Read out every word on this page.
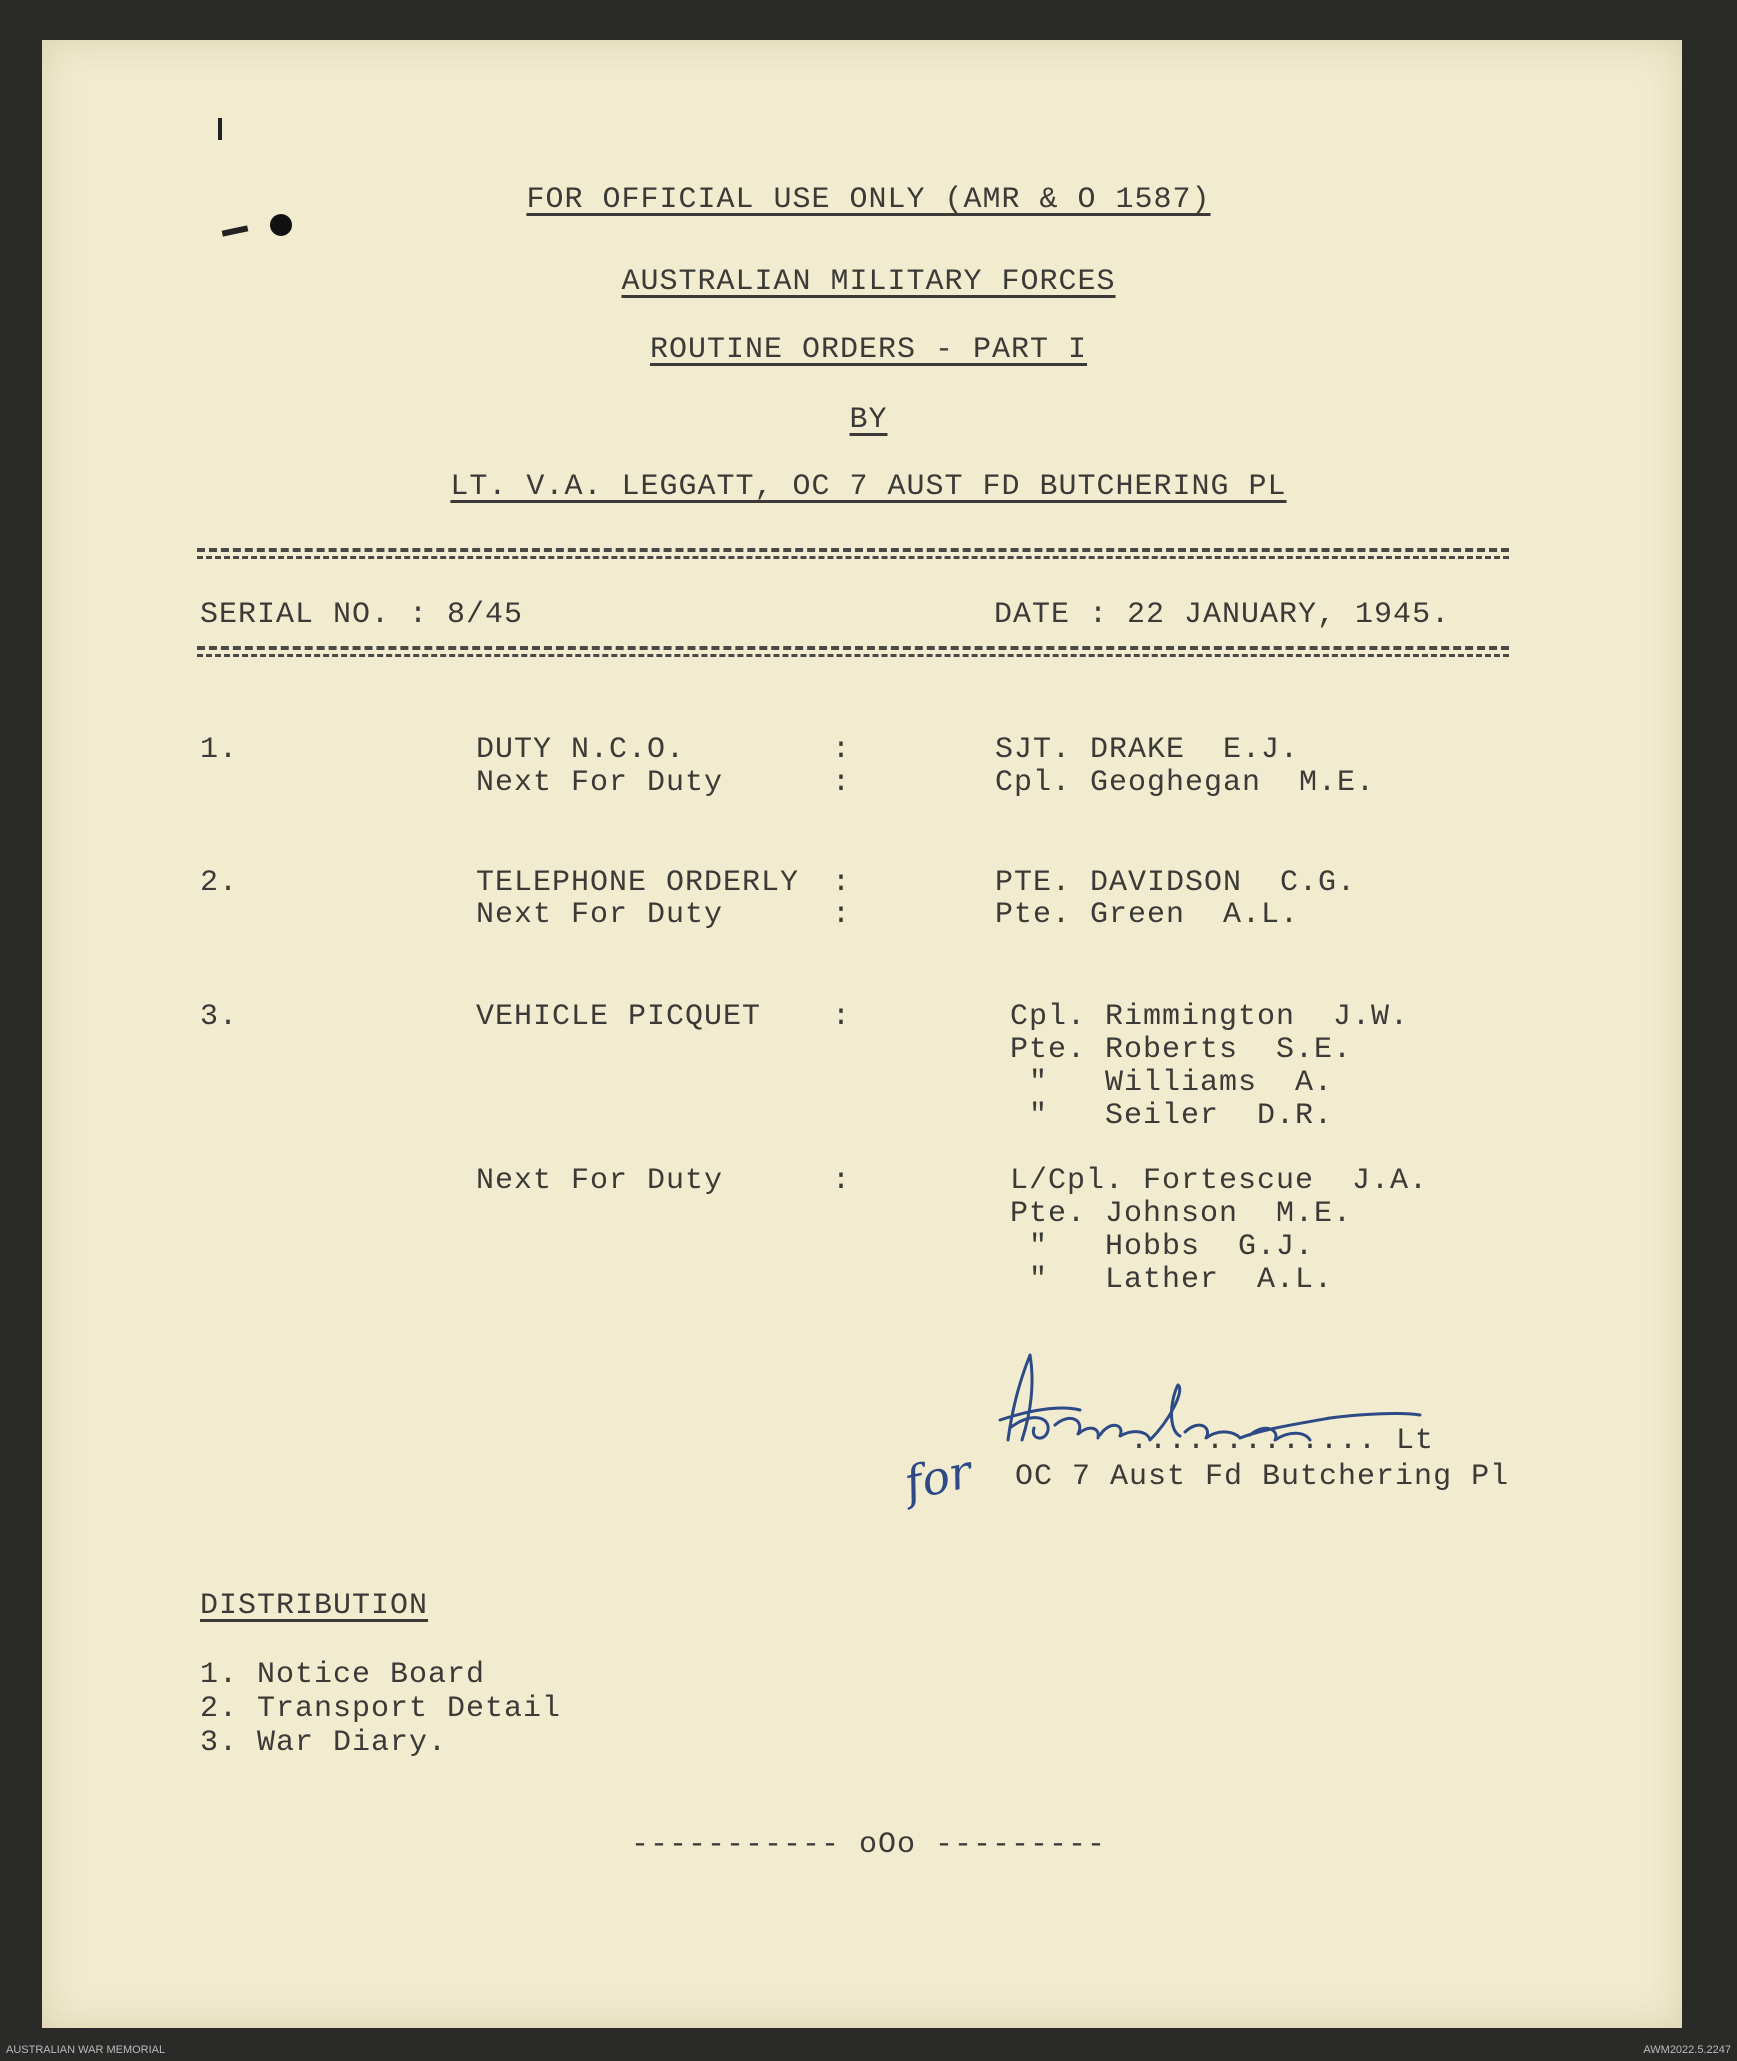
FOR OFFICIAL USE ONLY (AMR & O 1587)
AUSTRALIAN MILITARY FORCES
ROUTINE ORDERS - PART I
BY
LT. V.A. LEGGATT, OC 7 AUST FD BUTCHERING PL
SERIAL NO. : 8/45	DATE : 22 JANUARY, 1945.
1.	DUTY N.C.O.	:	SJT. DRAKE  E.J.
Next For Duty	:	Cpl. Geoghegan  M.E.
2.	TELEPHONE ORDERLY :	PTE. DAVIDSON  C.G.
Next For Duty	:	Pte. Green  A.L.
3.	VEHICLE PICQUET :	Cpl. Rimmington  J.W.
Pte. Roberts  S.E.
"   Williams  A.
"   Seiler  D.R.
Next For Duty	:	L/Cpl. Fortescue  J.A.
Pte. Johnson  M.E.
"   Hobbs  G.J.
"   Lather  A.L.
............. Lt
OC 7 Aust Fd Butchering Pl
for
DISTRIBUTION
1. Notice Board
2. Transport Detail
3. War Diary.
----------- oOo ---------
AUSTRALIAN WAR MEMORIAL	AWM2022.5.2247
